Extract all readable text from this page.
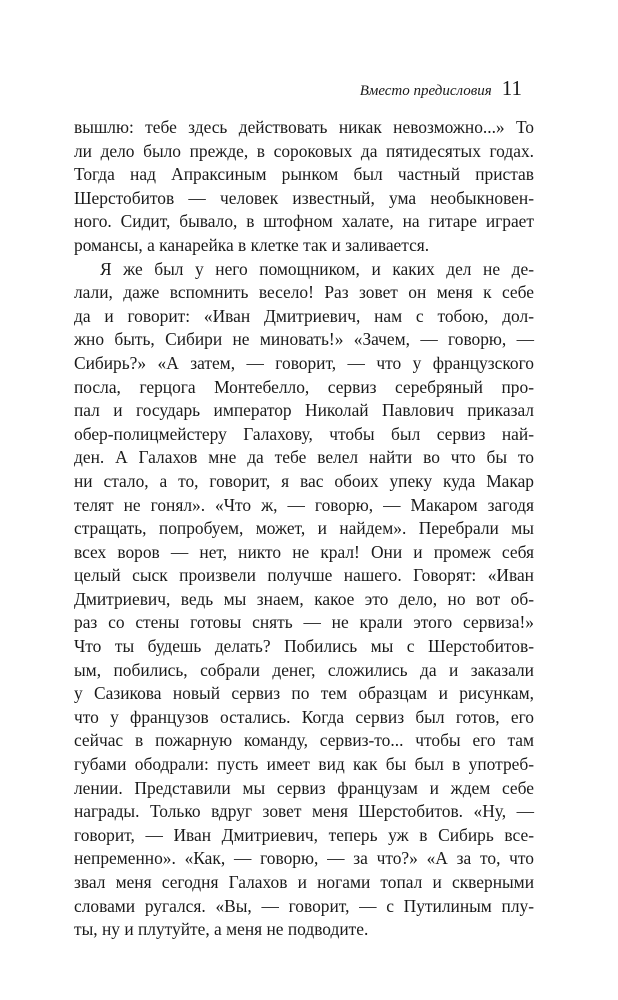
Вместо предисловия 11
вышлю: тебе здесь действовать никак невозможно...» То
ли дело было прежде, в сороковых да пятидесятых годах.
Тогда над Апраксиным рынком был частный пристав
Шерстобитов — человек известный, ума необыкновен-
ного. Сидит, бывало, в штофном халате, на гитаре играет
романсы, а канарейка в клетке так и заливается.
Я же был у него помощником, и каких дел не де-
лали, даже вспомнить весело! Раз зовет он меня к себе
да и говорит: «Иван Дмитриевич, нам с тобою, дол-
жно быть, Сибири не миновать!» «Зачем, — говорю, —
Сибирь?» «А затем, — говорит, — что у французского
посла, герцога Монтебелло, сервиз серебряный про-
пал и государь император Николай Павлович приказал
обер-полицмейстеру Галахову, чтобы был сервиз най-
ден. А Галахов мне да тебе велел найти во что бы то
ни стало, а то, говорит, я вас обоих упеку куда Макар
телят не гонял». «Что ж, — говорю, — Макаром загодя
стращать, попробуем, может, и найдем». Перебрали мы
всех воров — нет, никто не крал! Они и промеж себя
целый сыск произвели получше нашего. Говорят: «Иван
Дмитриевич, ведь мы знаем, какое это дело, но вот об-
раз со стены готовы снять — не крали этого сервиза!»
Что ты будешь делать? Побились мы с Шерстобитов-
ым, побились, собрали денег, сложились да и заказали
у Сазикова новый сервиз по тем образцам и рисункам,
что у французов остались. Когда сервиз был готов, его
сейчас в пожарную команду, сервиз-то... чтобы его там
губами ободрали: пусть имеет вид как бы был в употреб-
лении. Представили мы сервиз французам и ждем себе
награды. Только вдруг зовет меня Шерстобитов. «Ну, —
говорит, — Иван Дмитриевич, теперь уж в Сибирь все-
непременно». «Как, — говорю, — за что?» «А за то, что
звал меня сегодня Галахов и ногами топал и скверными
словами ругался. «Вы, — говорит, — с Путилиным плу-
ты, ну и плутуйте, а меня не подводите.
